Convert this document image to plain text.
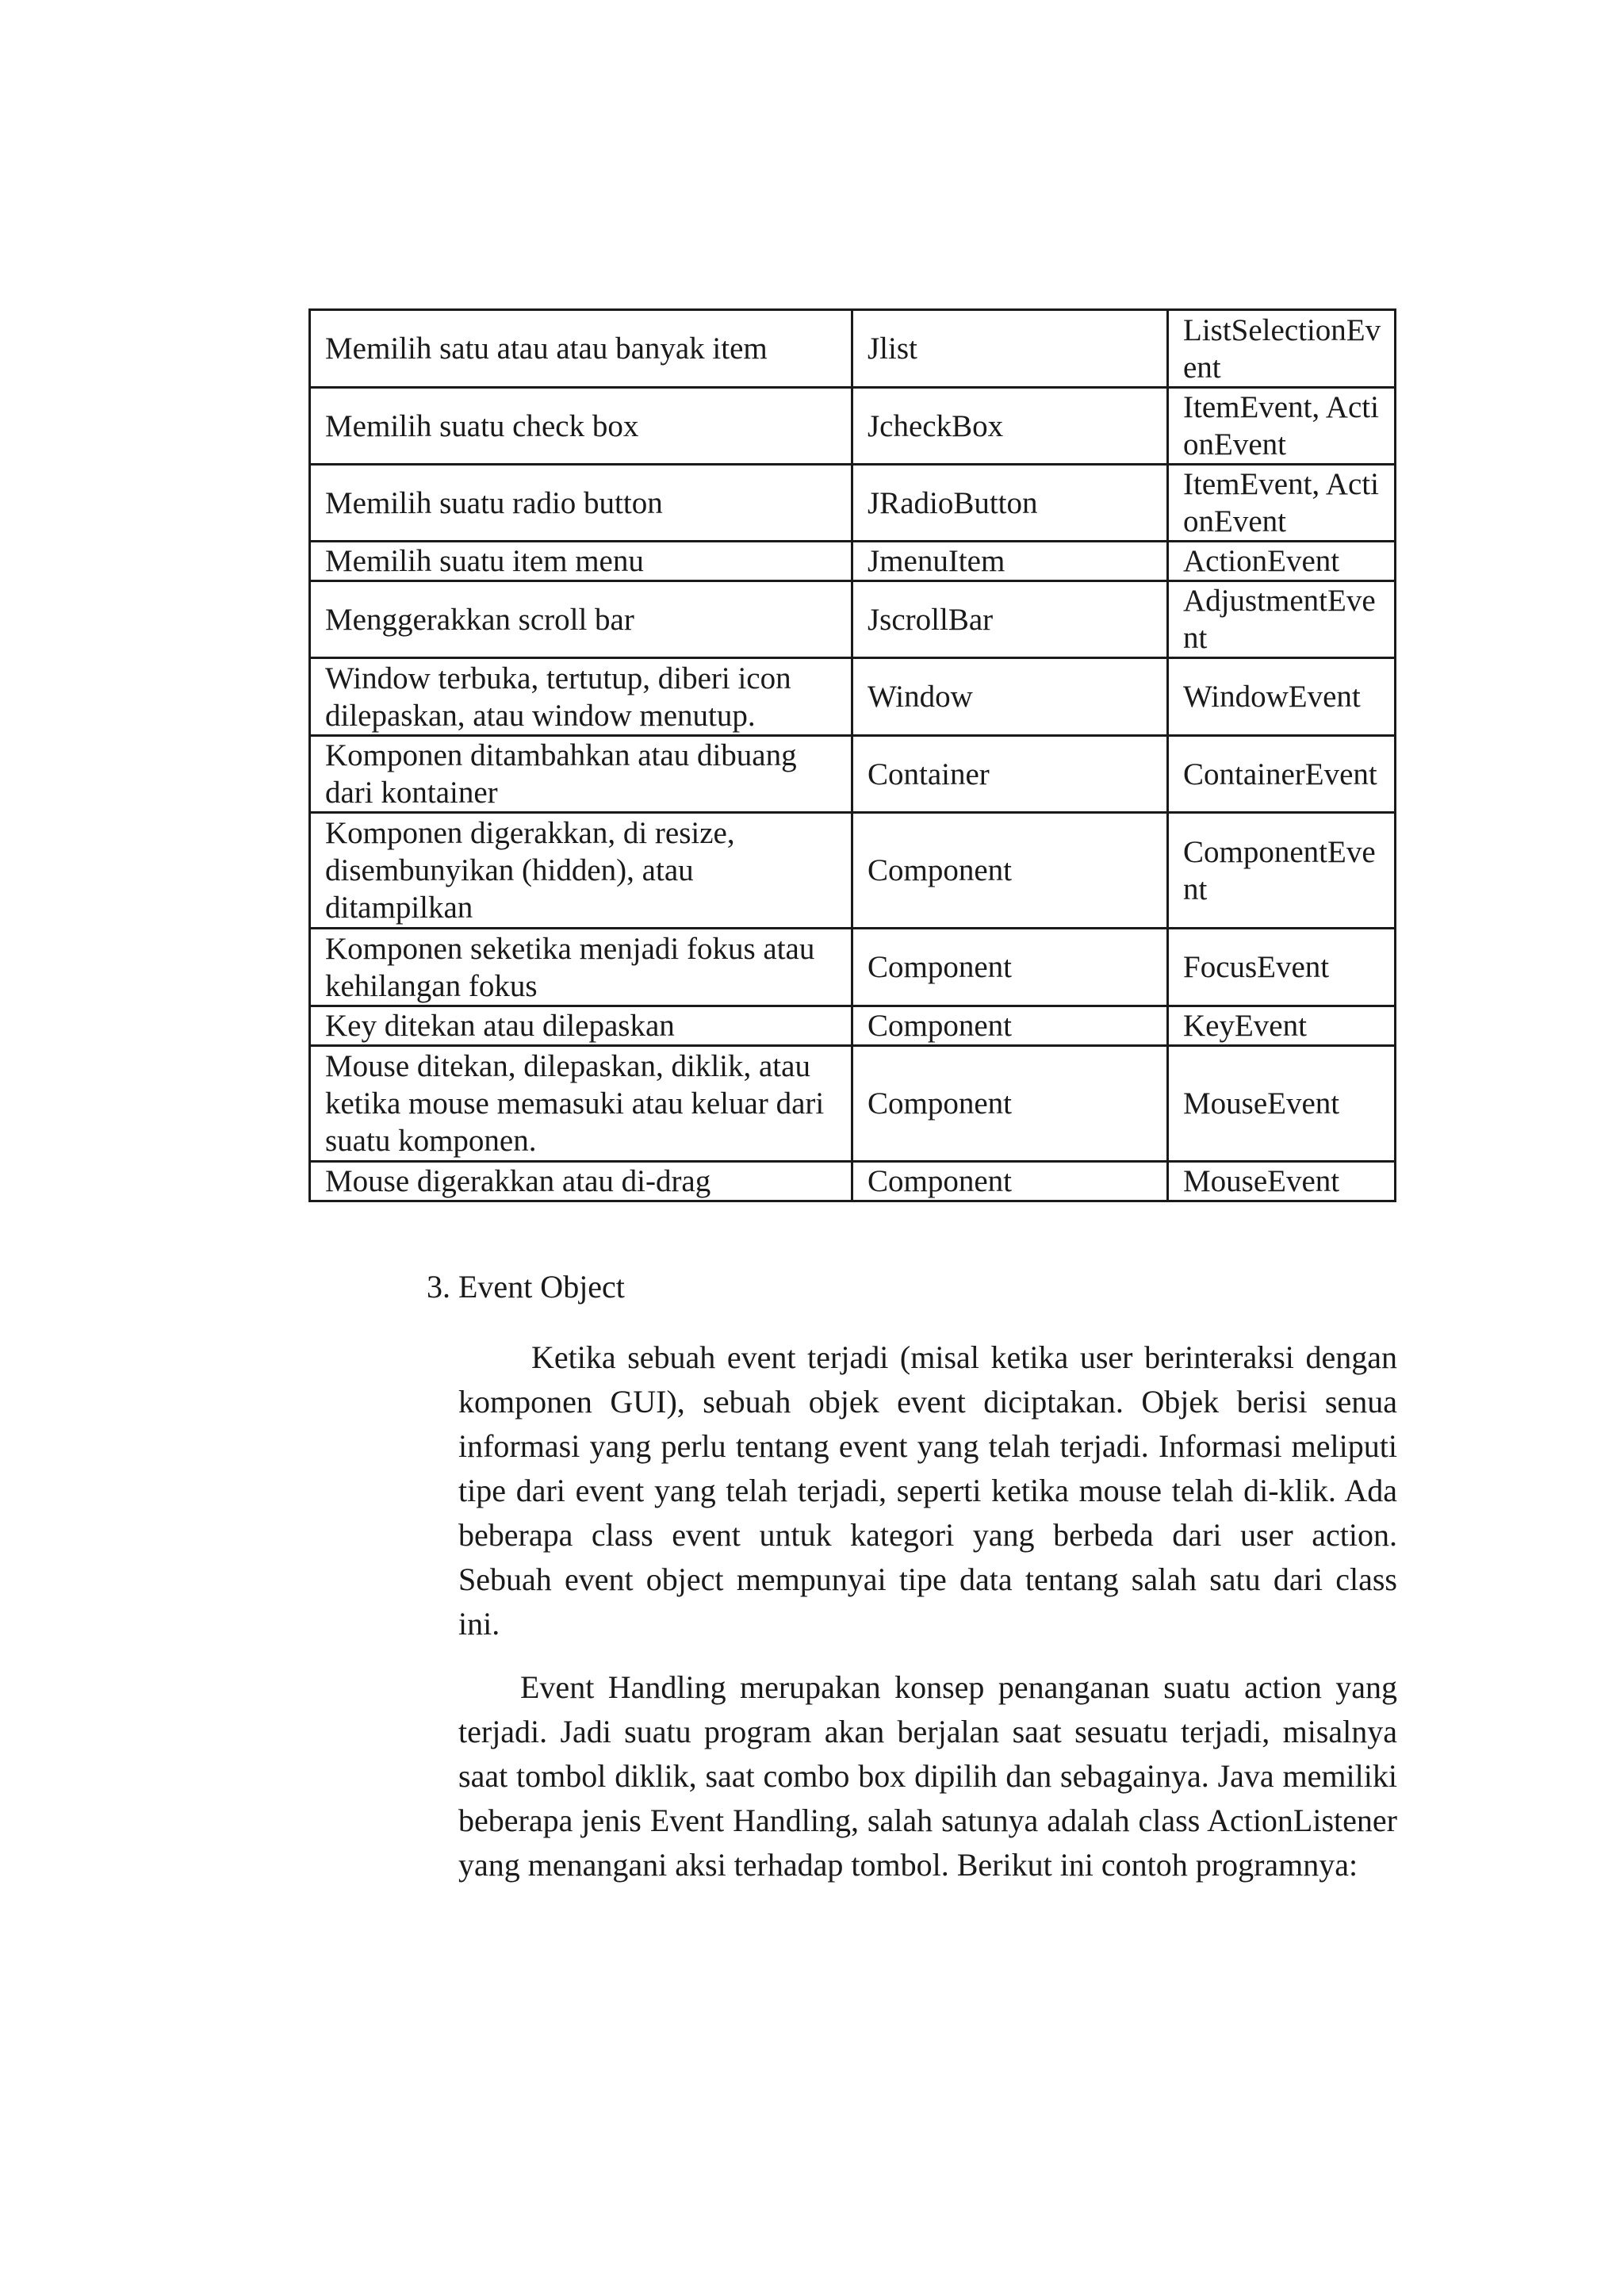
Memilih satu atau atau banyak item	Jlist	ListSelectionEvent
Memilih suatu check box	JcheckBox	ItemEvent, ActionEvent
Memilih suatu radio button	JRadioButton	ItemEvent, ActionEvent
Memilih suatu item menu	JmenuItem	ActionEvent
Menggerakkan scroll bar	JscrollBar	AdjustmentEvent
Window terbuka, tertutup, diberi icon dilepaskan, atau window menutup.	Window	WindowEvent
Komponen ditambahkan atau dibuang dari kontainer	Container	ContainerEvent
Komponen digerakkan, di resize, disembunyikan (hidden), atau ditampilkan	Component	ComponentEvent
Komponen seketika menjadi fokus atau kehilangan fokus	Component	FocusEvent
Key ditekan atau dilepaskan	Component	KeyEvent
Mouse ditekan, dilepaskan, diklik, atau ketika mouse memasuki atau keluar dari suatu komponen.	Component	MouseEvent
Mouse digerakkan atau di-drag	Component	MouseEvent
3. Event Object

Ketika sebuah event terjadi (misal ketika user berinteraksi dengan komponen GUI), sebuah objek event diciptakan. Objek berisi senua informasi yang perlu tentang event yang telah terjadi. Informasi meliputi tipe dari event yang telah terjadi, seperti ketika mouse telah di-klik. Ada beberapa class event untuk kategori yang berbeda dari user action. Sebuah event object mempunyai tipe data tentang salah satu dari class ini.

Event Handling merupakan konsep penanganan suatu action yang terjadi. Jadi suatu program akan berjalan saat sesuatu terjadi, misalnya saat tombol diklik, saat combo box dipilih dan sebagainya. Java memiliki beberapa jenis Event Handling, salah satunya adalah class ActionListener yang menangani aksi terhadap tombol. Berikut ini contoh programnya:
